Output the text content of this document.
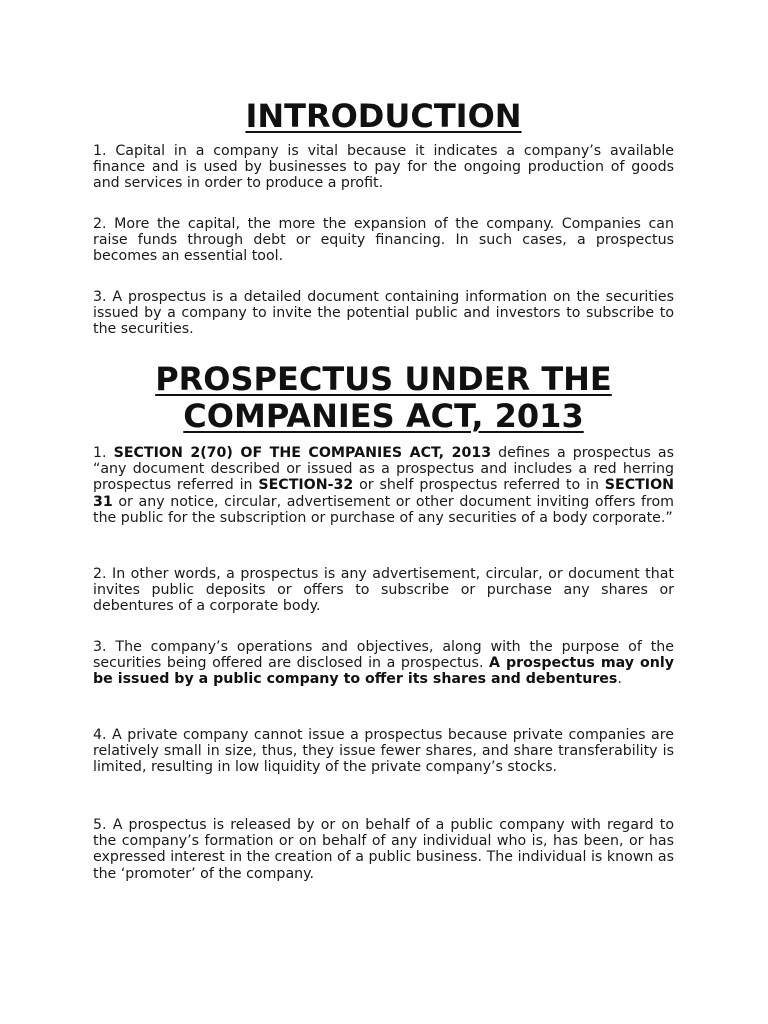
INTRODUCTION

1. Capital in a company is vital because it indicates a company’s available finance and is used by businesses to pay for the ongoing production of goods and services in order to produce a profit.

2. More the capital, the more the expansion of the company. Companies can raise funds through debt or equity financing. In such cases, a prospectus becomes an essential tool.

3. A prospectus is a detailed document containing information on the securities issued by a company to invite the potential public and investors to subscribe to the securities.

PROSPECTUS UNDER THE
COMPANIES ACT, 2013

1. SECTION 2(70) OF THE COMPANIES ACT, 2013 defines a prospectus as “any document described or issued as a prospectus and includes a red herring prospectus referred in SECTION-32 or shelf prospectus referred to in SECTION 31 or any notice, circular, advertisement or other document inviting offers from the public for the subscription or purchase of any securities of a body corporate.”

2. In other words, a prospectus is any advertisement, circular, or document that invites public deposits or offers to subscribe or purchase any shares or debentures of a corporate body.

3. The company’s operations and objectives, along with the purpose of the securities being offered are disclosed in a prospectus. A prospectus may only be issued by a public company to offer its shares and debentures.

4. A private company cannot issue a prospectus because private companies are relatively small in size, thus, they issue fewer shares, and share transferability is limited, resulting in low liquidity of the private company’s stocks.

5. A prospectus is released by or on behalf of a public company with regard to the company’s formation or on behalf of any individual who is, has been, or has expressed interest in the creation of a public business. The individual is known as the ‘promoter’ of the company.
